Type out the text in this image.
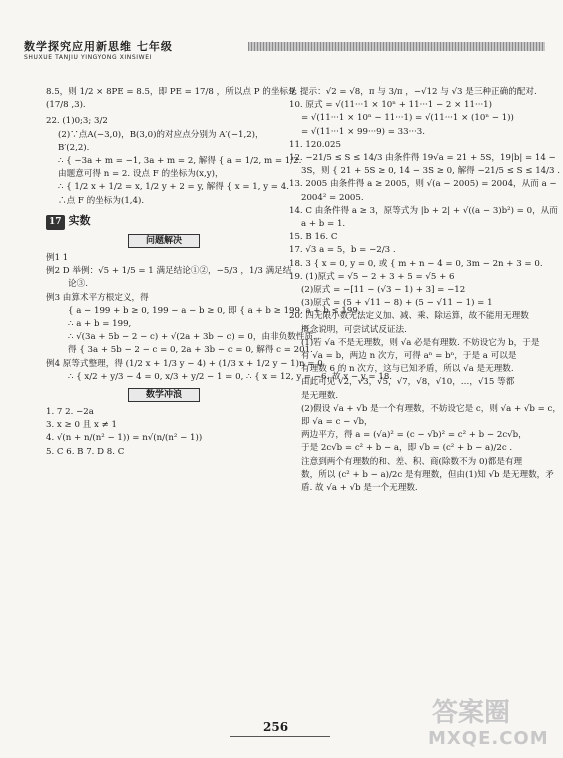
数学探究应用新思维 七年级
SHUXUE TANJIU YINGYONG XINSIWEI
8.5，则 1/2 × 8PE = 8.5，即 PE = 17/8 ，所以点 P 的坐标是
(17/8 ,3).
22. (1)0;3; 3/2
(2)∵点A(−3,0)，B(3,0)的对应点分别为 A′(−1,2)，
B′(2,2).
∴ { −3a + m = −1, 3a + m = 2, 解得 { a = 1/2, m = 1/2.
由题意可得 n = 2. 设点 F 的坐标为(x,y)，
∴ { 1/2 x + 1/2 = x, 1/2 y + 2 = y, 解得 { x = 1, y = 4.
∴点 F 的坐标为(1,4).
17 实数
问题解决
例1 1
例2 D 举例：√5 + 1/5 = 1 满足结论①②，−5/3 ，1/3 满足结
论③.
例3 由算术平方根定义，得
{ a − 199 + b ≥ 0, 199 − a − b ≥ 0, 即 { a + b ≥ 199, a + b ≤ 199,
∴ a + b = 199,
∴ √(3a + 5b − 2 − c) + √(2a + 3b − c) = 0，由非负数性质，
得 { 3a + 5b − 2 − c = 0, 2a + 3b − c = 0, 解得 c = 201.
例4 原等式整理，得 (1/2 x + 1/3 y − 4) + (1/3 x + 1/2 y − 1)n = 0
∴ { x/2 + y/3 − 4 = 0, x/3 + y/2 − 1 = 0, ∴ { x = 12, y = −6. 故 x − y = 18.
数学冲浪
1. 7 2. −2a
3. x ≥ 0 且 x ≠ 1
4. √(n + n/(n² − 1)) = n√(n/(n² − 1))
5. C 6. B 7. D 8. C
9. 提示：√2 = √8，π 与 3/π ，−√12 与 √3 是三种正确的配对.
10. 原式 = √(11···1 × 10ⁿ + 11···1 − 2 × 11···1)
= √(11···1 × 10ⁿ − 11···1) = √(11···1 × (10ⁿ − 1))
= √(11···1 × 99···9) = 33···3.
11. 120.025
12. −21/5 ≤ S ≤ 14/3 由条件得 19√a = 21 + 5S，19|b| = 14 −
3S，则 { 21 + 5S ≥ 0, 14 − 3S ≥ 0, 解得 −21/5 ≤ S ≤ 14/3 .
13. 2005 由条件得 a ≥ 2005，则 √(a − 2005) = 2004，从而 a −
2004² = 2005.
14. C 由条件得 a ≥ 3，原等式为 |b + 2| + √((a − 3)b²) = 0，从而
a + b = 1.
15. B 16. C
17. √3 a = 5，b = −2/3 .
18. 3 { x = 0, y = 0, 或 { m + n − 4 = 0, 3m − 2n + 3 = 0.
19. (1)原式 = √5 − 2 + 3 + 5 = √5 + 6
(2)原式 = −[11 − (√3 − 1) + 3] = −12
(3)原式 = (5 + √11 − 8) + (5 − √11 − 1) = 1
20. 四无限小数无法定义加、减、乘、除运算，故不能用无理数
概念说明，可尝试试反证法.
(1)若 √a 不是无理数，则 √a 必是有理数. 不妨设它为 b，于是
有 √a = b，两边 n 次方，可得 aⁿ = bⁿ，于是 a 可以是
有理数 6 的 n 次方，这与已知矛盾，所以 √a 是无理数.
由此可见 √2，√3，√5，√7，√8，√10，…，√15 等都
是无理数.
(2)假设 √a + √b 是一个有理数，不妨设它是 c，则 √a + √b = c，
即 √a = c − √b，
两边平方，得 a = (√a)² = (c − √b)² = c² + b − 2c√b，
于是 2c√b = c² + b − a，即 √b = (c² + b − a)/2c .
注意到两个有理数的和、差、积、商(除数不为 0)都是有理
数，所以 (c² + b − a)/2c 是有理数，但由(1)知 √b 是无理数，矛
盾. 故 √a + √b 是一个无理数.
256	答案圈
MXQE.COM
